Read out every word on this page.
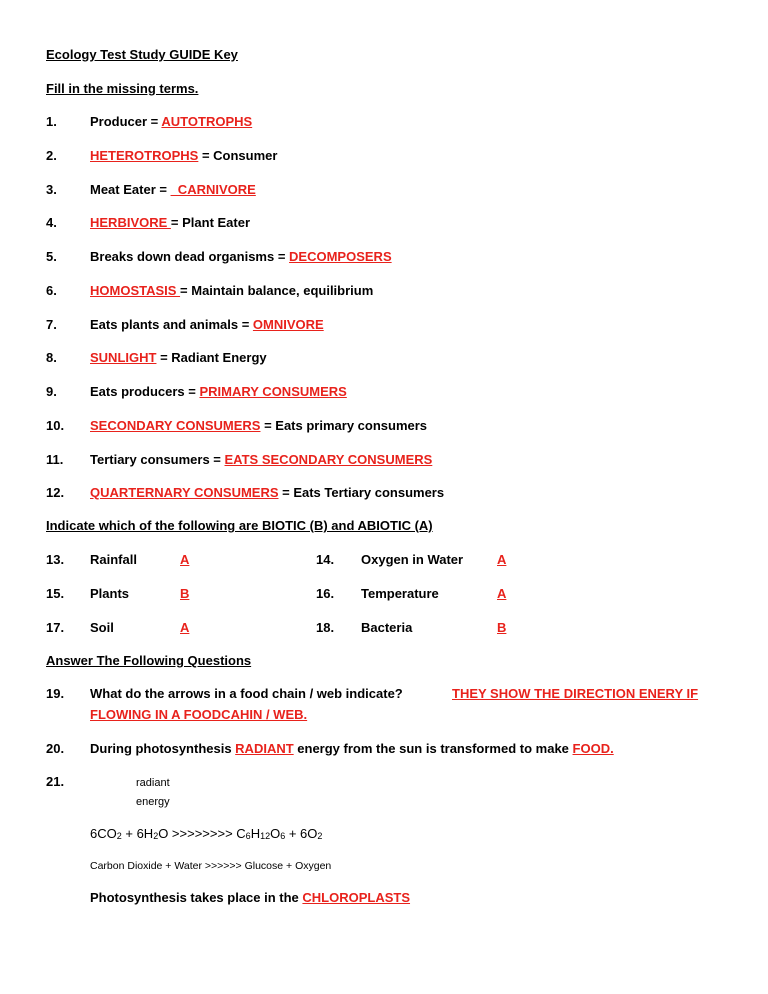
Ecology Test Study GUIDE Key
Fill in the missing terms.
1.	Producer = AUTOTROPHS
2.	HETEROTROPHS = Consumer
3.	Meat Eater = _CARNIVORE
4.	HERBIVORE = Plant Eater
5.	Breaks down dead organisms = DECOMPOSERS
6.	HOMOSTASIS = Maintain balance, equilibrium
7.	Eats plants and animals = OMNIVORE
8.	SUNLIGHT = Radiant Energy
9.	Eats producers = PRIMARY CONSUMERS
10. SECONDARY CONSUMERS = Eats primary consumers
11. Tertiary consumers = EATS SECONDARY CONSUMERS
12. QUARTERNARY CONSUMERS = Eats Tertiary consumers
Indicate which of the following are BIOTIC (B) and ABIOTIC (A)
13. Rainfall	A	14. Oxygen in Water	A
15. Plants	B	16. Temperature	A
17. Soil	A	18. Bacteria	B
Answer The Following Questions
19. What do the arrows in a food chain / web indicate?	THEY SHOW THE DIRECTION ENERY IF
FLOWING IN A FOODCAHIN / WEB.
20. During photosynthesis RADIANT energy from the sun is transformed to make FOOD.
21.	radiant
energy
$6CO_2 + 6H_2O$ >>>>>>>> $C_6H_{12}O_6 + 6O_2$
Carbon Dioxide + Water >>>>>> Glucose + Oxygen
Photosynthesis takes place in the CHLOROPLASTS
